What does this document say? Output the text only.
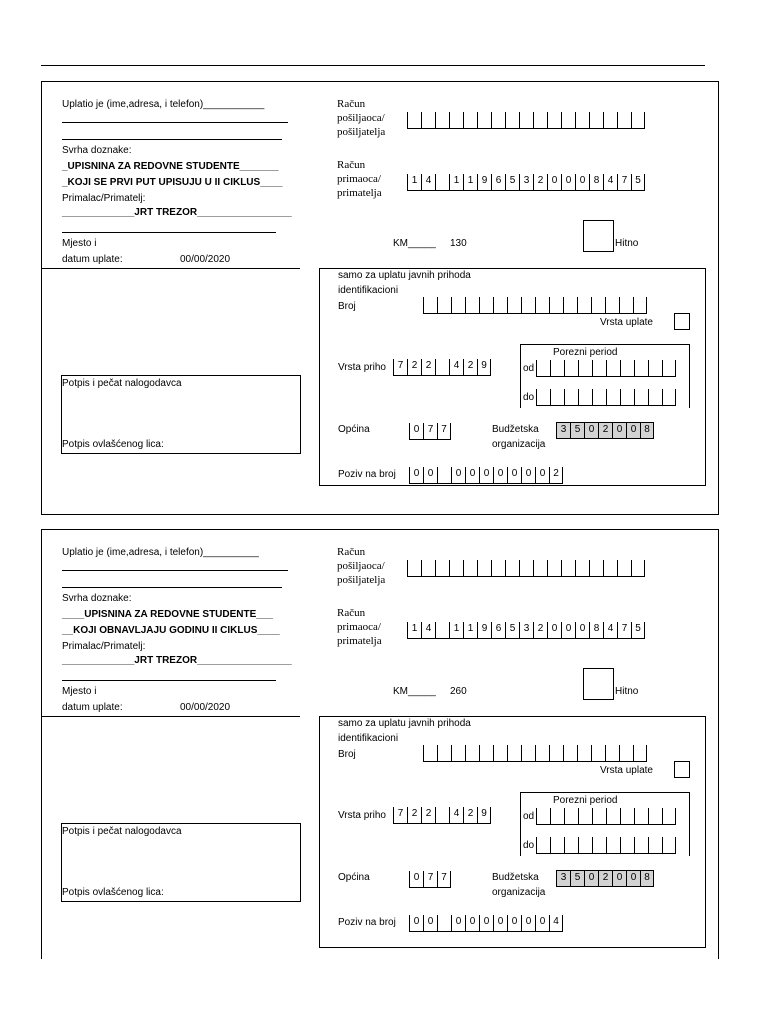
Uplatio je (ime,adresa, i telefon)___________
Svrha doznake:
_UPISNINA ZA REDOVNE STUDENTE_______
_KOJI SE PRVI PUT UPISUJU U II CIKLUS____
Primalac/Primatelj:
_____________JRT TREZOR_________________
Mjesto i
datum uplate:	00/00/2020
Račun
pošiljaoca/
pošiljatelja
Račun
primaoca/
primatelja
1 4	1 1 9 6 5 3 2 0 0 0 8 4 7 5
KM_____ 130	Hitno
samo za uplatu javnih prihoda
identifikacioni
Broj
Vrsta uplate
Porezni period
od
do
Vrsta priho	7 2 2	4 2 9
Općina	0 7 7	Budžetska
organizacija
3 5 0 2 0 0 8
Poziv na broj	0 0	0 0 0 0 0 0 0 2
Potpis i pečat nalogodavca
Potpis ovlašćenog lica:
Uplatio je (ime,adresa, i telefon)__________
Svrha doznake:
____UPISNINA ZA REDOVNE STUDENTE___
__KOJI OBNAVLJAJU GODINU II CIKLUS____
Primalac/Primatelj:
_____________JRT TREZOR_________________
Mjesto i
datum uplate:	00/00/2020
Račun
pošiljaoca/
pošiljatelja
Račun
primaoca/
primatelja
1 4	1 1 9 6 5 3 2 0 0 0 8 4 7 5
KM_____ 260	Hitno
samo za uplatu javnih prihoda
identifikacioni
Broj
Vrsta uplate
Porezni period
od
do
Vrsta priho	7 2 2	4 2 9
Općina	0 7 7	Budžetska
organizacija
3 5 0 2 0 0 8
Poziv na broj	0 0	0 0 0 0 0 0 0 4
Potpis i pečat nalogodavca
Potpis ovlašćenog lica:
